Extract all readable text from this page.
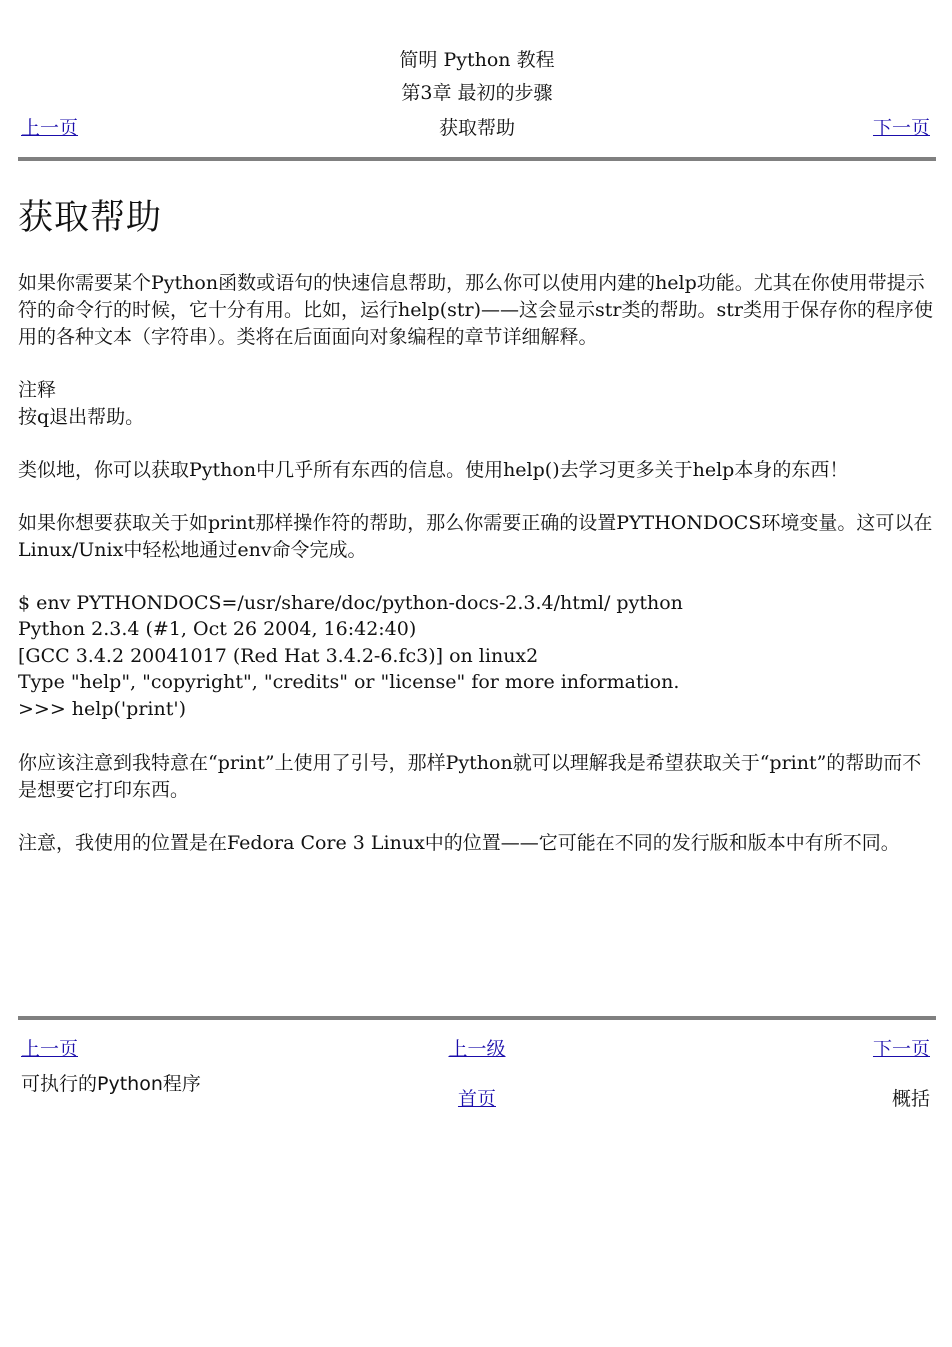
简明 Python 教程
第3章 最初的步骤
获取帮助
上一页	下一页
获取帮助

如果你需要某个Python函数或语句的快速信息帮助，那么你可以使用内建的help功能。尤其在你使用带提示符的命令行的时候，它十分有用。比如，运行help(str)——这会显示str类的帮助。str类用于保存你的程序使用的各种文本（字符串）。类将在后面面向对象编程的章节详细解释。

注释
按q退出帮助。

类似地，你可以获取Python中几乎所有东西的信息。使用help()去学习更多关于help本身的东西！

如果你想要获取关于如print那样操作符的帮助，那么你需要正确的设置PYTHONDOCS环境变量。这可以在Linux/Unix中轻松地通过env命令完成。

$ env PYTHONDOCS=/usr/share/doc/python-docs-2.3.4/html/ python
Python 2.3.4 (#1, Oct 26 2004, 16:42:40)
[GCC 3.4.2 20041017 (Red Hat 3.4.2-6.fc3)] on linux2
Type "help", "copyright", "credits" or "license" for more information.
>>> help('print')

你应该注意到我特意在“print”上使用了引号，那样Python就可以理解我是希望获取关于“print”的帮助而不是想要它打印东西。

注意，我使用的位置是在Fedora Core 3 Linux中的位置——它可能在不同的发行版和版本中有所不同。

上一页	上一级	下一页
可执行的Python程序
首页	概括
